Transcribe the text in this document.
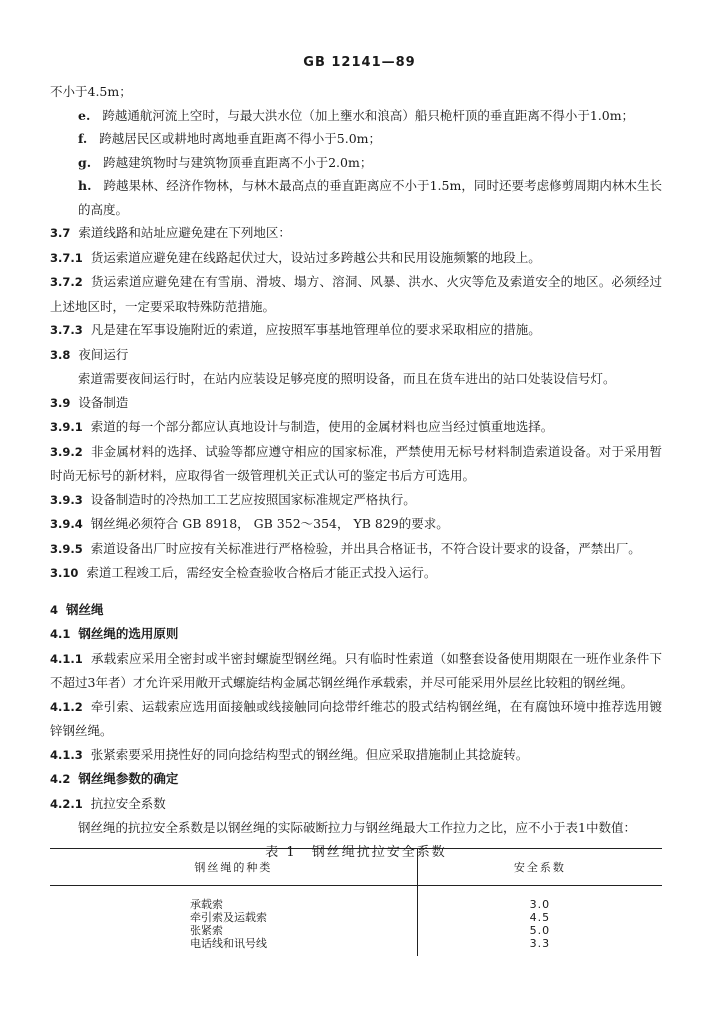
GB 12141—89

不小于4.5m；

e. 跨越通航河流上空时，与最大洪水位（加上壅水和浪高）船只桅杆顶的垂直距离不得小于1.0m；

f. 跨越居民区或耕地时离地垂直距离不得小于5.0m；

g. 跨越建筑物时与建筑物顶垂直距离不小于2.0m；

h. 跨越果林、经济作物林，与林木最高点的垂直距离应不小于1.5m，同时还要考虑修剪周期内林木生长的高度。

3.7 索道线路和站址应避免建在下列地区：

3.7.1 货运索道应避免建在线路起伏过大，设站过多跨越公共和民用设施频繁的地段上。

3.7.2 货运索道应避免建在有雪崩、滑坡、塌方、溶洞、风暴、洪水、火灾等危及索道安全的地区。必须经过上述地区时，一定要采取特殊防范措施。

3.7.3 凡是建在军事设施附近的索道，应按照军事基地管理单位的要求采取相应的措施。

3.8 夜间运行

索道需要夜间运行时，在站内应装设足够亮度的照明设备，而且在货车进出的站口处装设信号灯。

3.9 设备制造

3.9.1 索道的每一个部分都应认真地设计与制造，使用的金属材料也应当经过慎重地选择。

3.9.2 非金属材料的选择、试验等都应遵守相应的国家标准，严禁使用无标号材料制造索道设备。对于采用暂时尚无标号的新材料，应取得省一级管理机关正式认可的鉴定书后方可选用。

3.9.3 设备制造时的冷热加工工艺应按照国家标准规定严格执行。

3.9.4 钢丝绳必须符合 GB 8918， GB 352～354， YB 829的要求。

3.9.5 索道设备出厂时应按有关标准进行严格检验，并出具合格证书，不符合设计要求的设备，严禁出厂。

3.10 索道工程竣工后，需经安全检查验收合格后才能正式投入运行。

4 钢丝绳

4.1 钢丝绳的选用原则

4.1.1 承载索应采用全密封或半密封螺旋型钢丝绳。只有临时性索道（如整套设备使用期限在一班作业条件下不超过3年者）才允许采用敞开式螺旋结构金属芯钢丝绳作承载索，并尽可能采用外层丝比较粗的钢丝绳。

4.1.2 牵引索、运载索应选用面接触或线接触同向捻带纤维芯的股式结构钢丝绳，在有腐蚀环境中推荐选用镀锌钢丝绳。

4.1.3 张紧索要采用挠性好的同向捻结构型式的钢丝绳。但应采取措施制止其捻旋转。

4.2 钢丝绳参数的确定

4.2.1 抗拉安全系数

钢丝绳的抗拉安全系数是以钢丝绳的实际破断拉力与钢丝绳最大工作拉力之比，应不小于表1中数值：

表 1　钢丝绳抗拉安全系数

钢丝绳的种类	安全系数
承载索	3.0
牵引索及运载索	4.5
张紧索	5.0
电话线和讯号线	3.3
